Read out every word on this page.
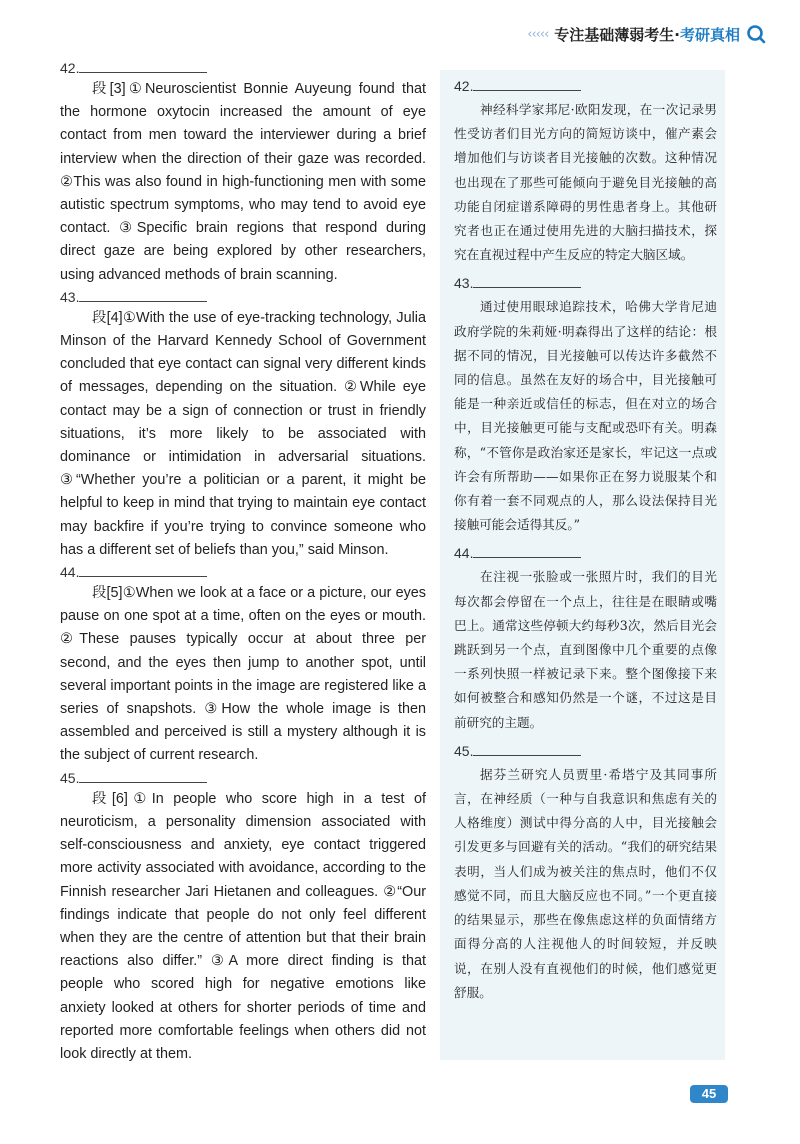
‹‹‹‹‹ 专注基础薄弱考生·考研真相
42.

段[3]①Neuroscientist Bonnie Auyeung found that the hormone oxytocin increased the amount of eye contact from men toward the interviewer during a brief interview when the direction of their gaze was recorded. ②This was also found in high-functioning men with some autistic spectrum symptoms, who may tend to avoid eye contact. ③Specific brain regions that respond during direct gaze are being explored by other researchers, using advanced methods of brain scanning.

43.

段[4]①With the use of eye-tracking technology, Julia Minson of the Harvard Kennedy School of Government concluded that eye contact can signal very different kinds of messages, depending on the situation. ②While eye contact may be a sign of connection or trust in friendly situations, it’s more likely to be associated with dominance or intimidation in adversarial situations. ③“Whether you’re a politician or a parent, it might be helpful to keep in mind that trying to maintain eye contact may backfire if you’re trying to convince someone who has a different set of beliefs than you,” said Minson.

44.

段[5]①When we look at a face or a picture, our eyes pause on one spot at a time, often on the eyes or mouth. ②These pauses typically occur at about three per second, and the eyes then jump to another spot, until several important points in the image are registered like a series of snapshots. ③How the whole image is then assembled and perceived is still a mystery although it is the subject of current research.

45.

段[6]①In people who score high in a test of neuroticism, a personality dimension associated with self-consciousness and anxiety, eye contact triggered more activity associated with avoidance, according to the Finnish researcher Jari Hietanen and colleagues. ②“Our findings indicate that people do not only feel different when they are the centre of attention but that their brain reactions also differ.” ③A more direct finding is that people who scored high for negative emotions like anxiety looked at others for shorter periods of time and reported more comfortable feelings when others did not look directly at them.

42.

神经科学家邦尼·欧阳发现，在一次记录男性受访者们目光方向的简短访谈中，催产素会增加他们与访谈者目光接触的次数。这种情况也出现在了那些可能倾向于避免目光接触的高功能自闭症谱系障碍的男性患者身上。其他研究者也正在通过使用先进的大脑扫描技术，探究在直视过程中产生反应的特定大脑区域。

43.

通过使用眼球追踪技术，哈佛大学肯尼迪政府学院的朱莉娅·明森得出了这样的结论：根据不同的情况，目光接触可以传达许多截然不同的信息。虽然在友好的场合中，目光接触可能是一种亲近或信任的标志，但在对立的场合中，目光接触更可能与支配或恐吓有关。明森称，“不管你是政治家还是家长，牢记这一点或许会有所帮助——如果你正在努力说服某个和你有着一套不同观点的人，那么设法保持目光接触可能会适得其反。”

44.

在注视一张脸或一张照片时，我们的目光每次都会停留在一个点上，往往是在眼睛或嘴巴上。通常这些停顿大约每秒3次，然后目光会跳跃到另一个点，直到图像中几个重要的点像一系列快照一样被记录下来。整个图像接下来如何被整合和感知仍然是一个谜，不过这是目前研究的主题。

45.

据芬兰研究人员贾里·希塔宁及其同事所言，在神经质（一种与自我意识和焦虑有关的人格维度）测试中得分高的人中，目光接触会引发更多与回避有关的活动。“我们的研究结果表明，当人们成为被关注的焦点时，他们不仅感觉不同，而且大脑反应也不同。”一个更直接的结果显示，那些在像焦虑这样的负面情绪方面得分高的人注视他人的时间较短，并反映说，在别人没有直视他们的时候，他们感觉更舒服。

45
